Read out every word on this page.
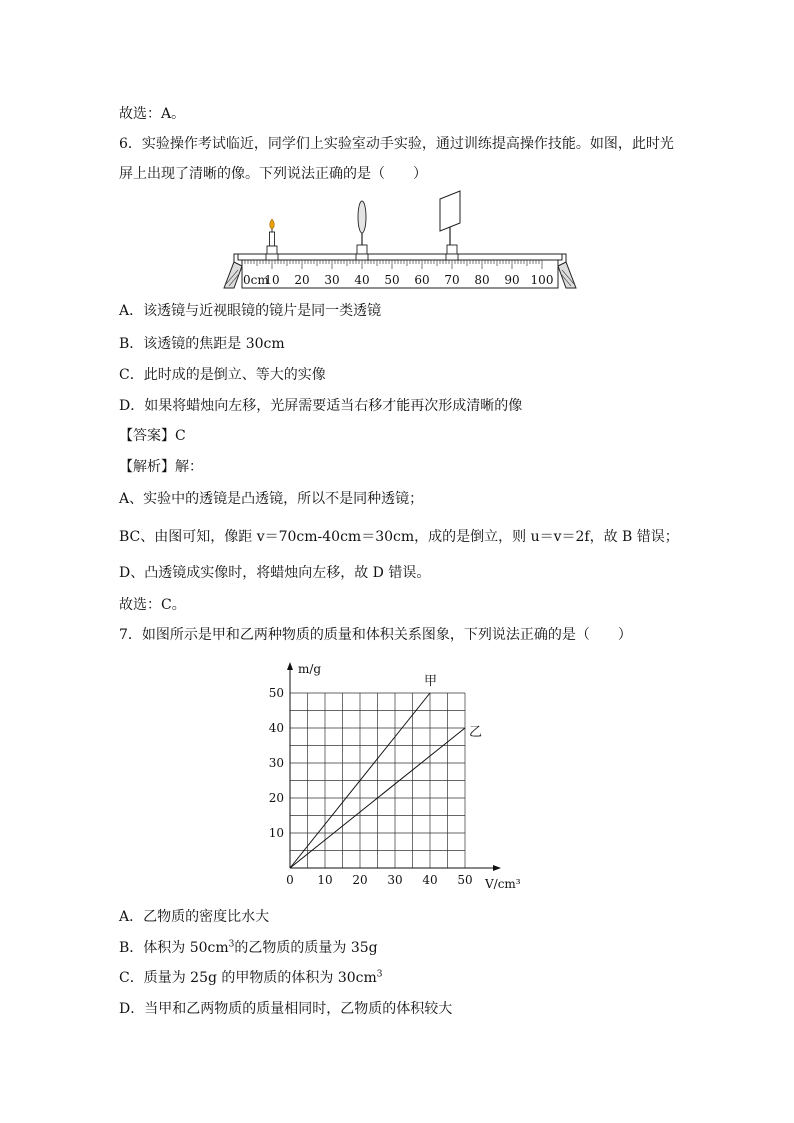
故选：A。
6．实验操作考试临近，同学们上实验室动手实验，通过训练提高操作技能。如图，此时光
屏上出现了清晰的像。下列说法正确的是（　　）
0cm
10 20 30 40 50 60 70 80 90 100
A．该透镜与近视眼镜的镜片是同一类透镜
B．该透镜的焦距是 30cm
C．此时成的是倒立、等大的实像
D．如果将蜡烛向左移，光屏需要适当右移才能再次形成清晰的像
【答案】C
【解析】解：
A、实验中的透镜是凸透镜，所以不是同种透镜；
BC、由图可知，像距 v＝70cm-40cm＝30cm，成的是倒立，则 u＝v＝2f，故 B 错误；
D、凸透镜成实像时，将蜡烛向左移，故 D 错误。
故选：C。
7．如图所示是甲和乙两种物质的质量和体积关系图象，下列说法正确的是（　　）
0 10 20 30 40 50
10
20
30
40
50
V/cm³
m/g
甲
乙
A．乙物质的密度比水大
B．体积为 $50cm^3$的乙物质的质量为 35g
C．质量为 25g 的甲物质的体积为 $30cm^3$
D．当甲和乙两物质的质量相同时，乙物质的体积较大
